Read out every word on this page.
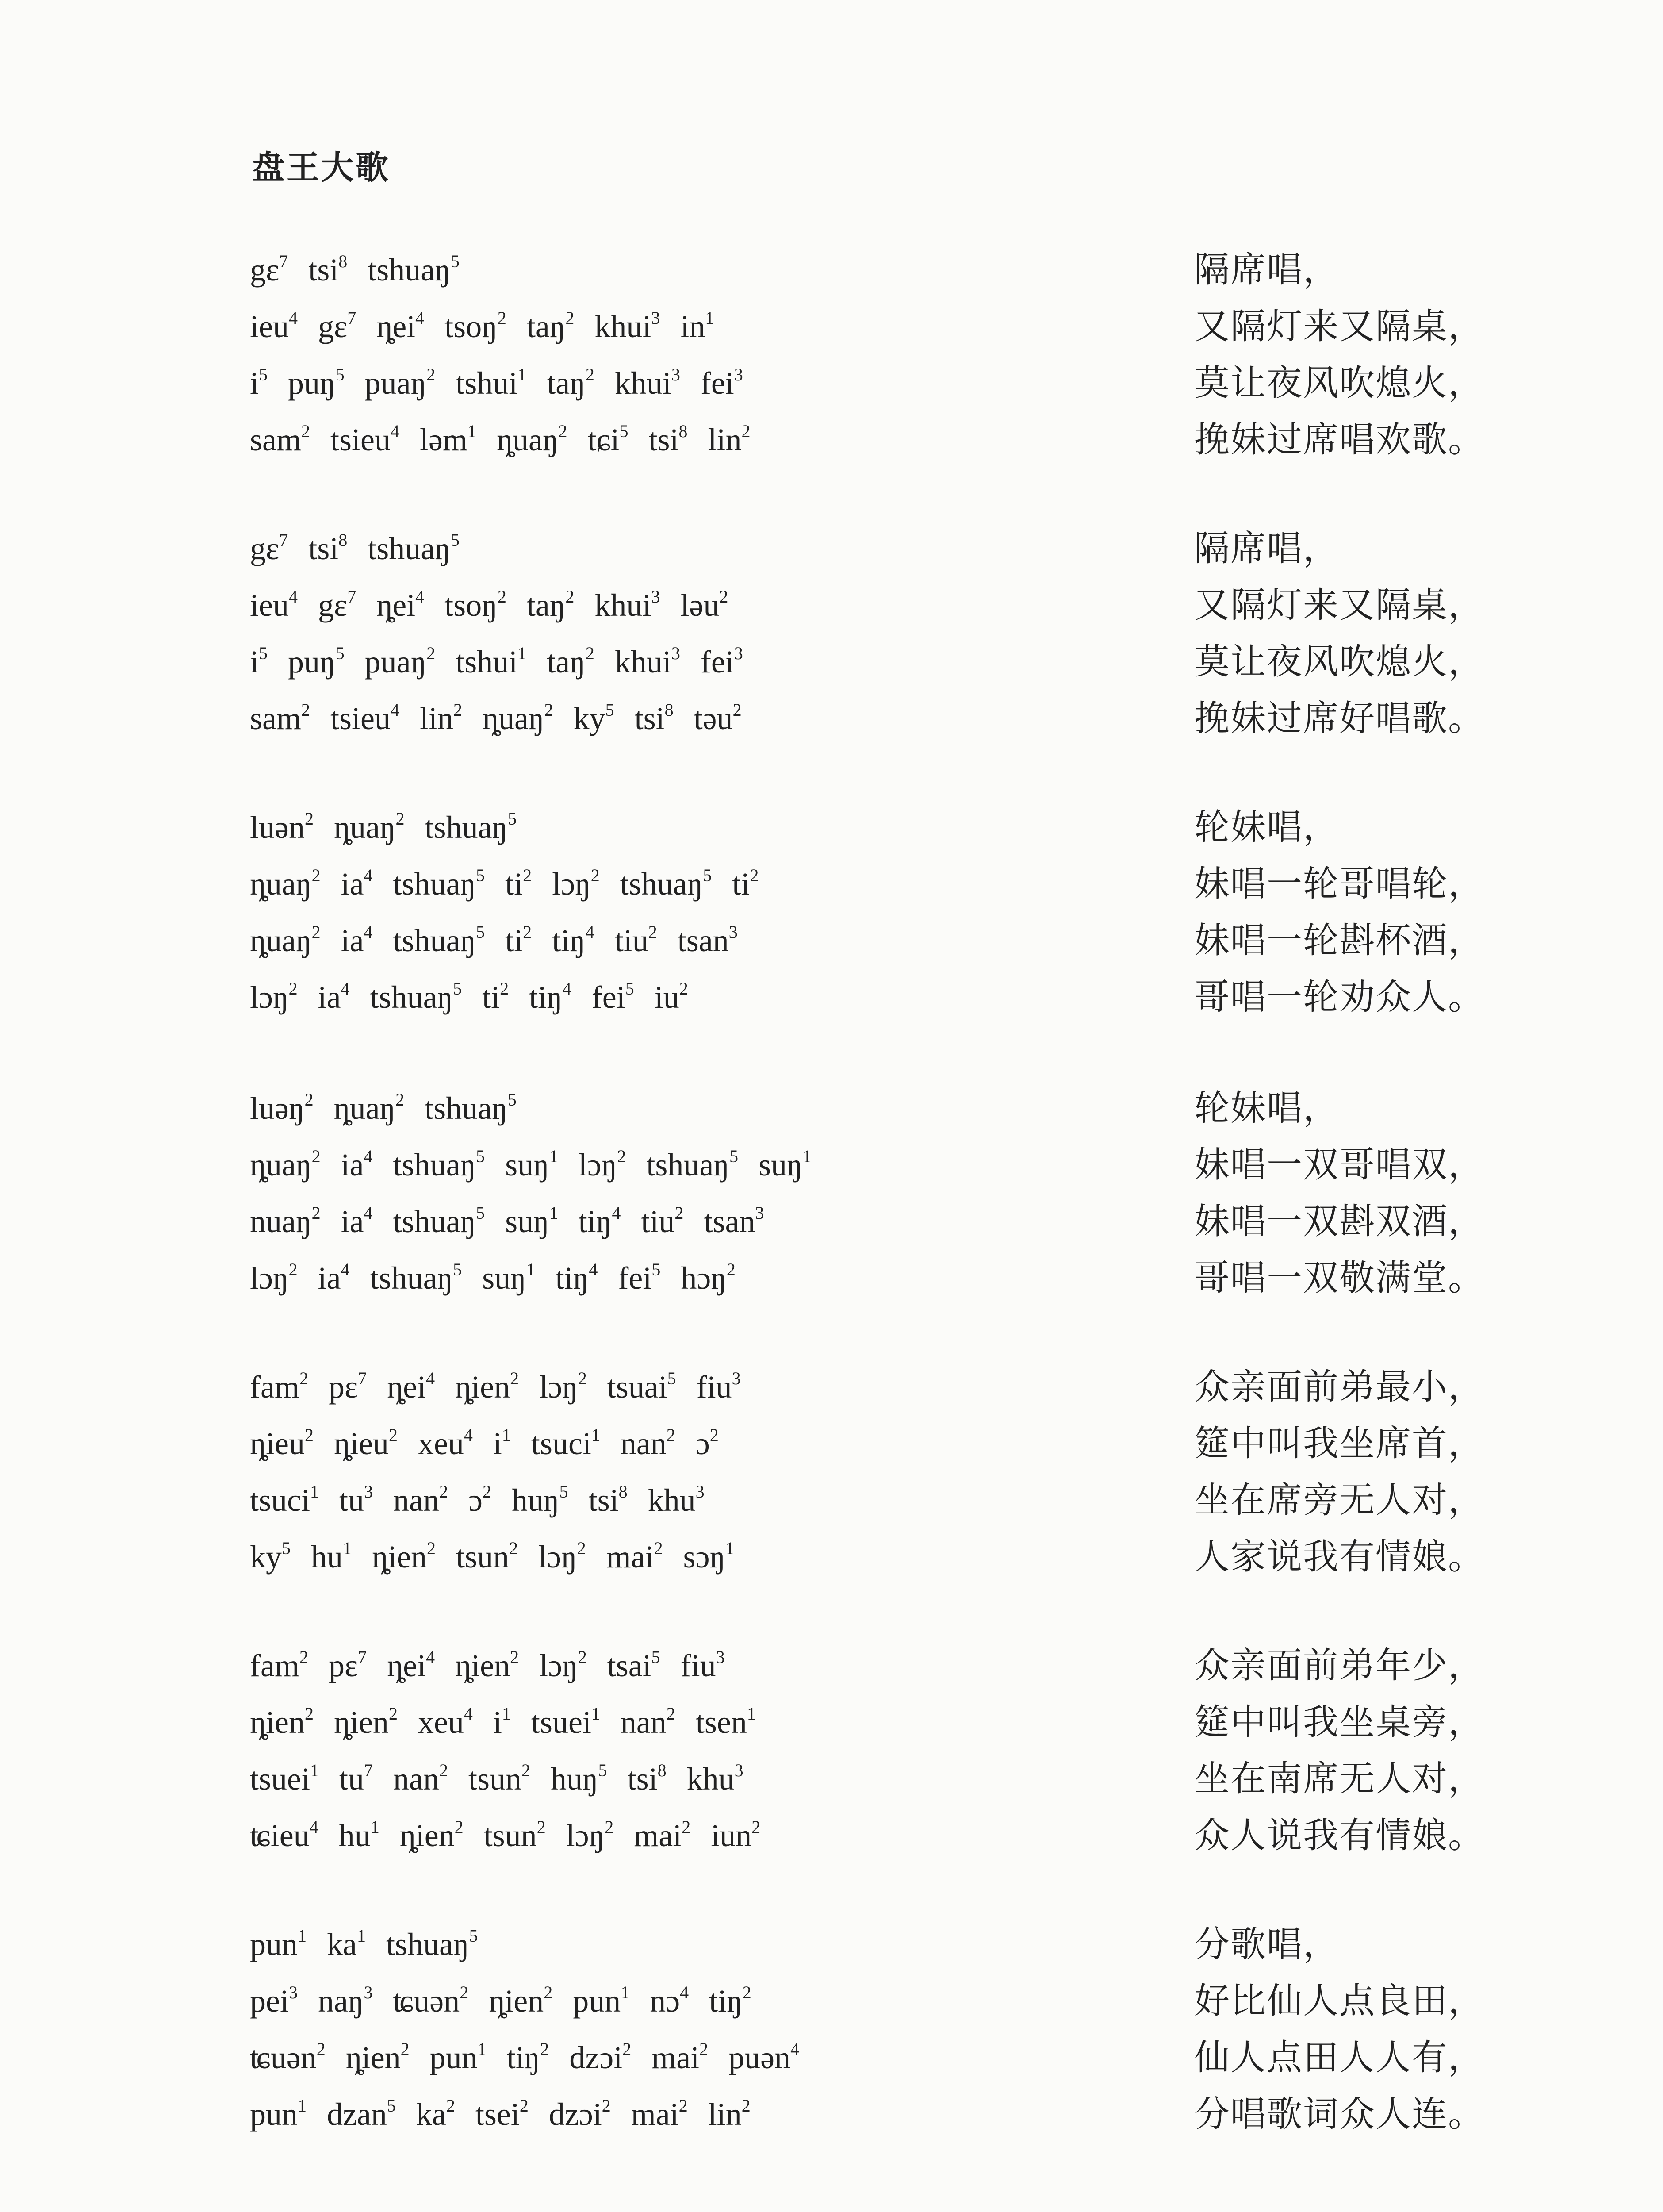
盘王大歌
gɛ$^7$ tsi$^8$ tshuaŋ$^5$	隔席唱，
ieu$^4$ gɛ$^7$ ȵei$^4$ tsoŋ$^2$ taŋ$^2$ khui$^3$ $in^1$	又隔灯来又隔桌，
$i^5$ puŋ$^5$ puaŋ$^2$ tshui$^1$ taŋ$^2$ khui$^3$ fei$^3$	莫让夜风吹熄火，
sam$^2$ tsieu$^4$ ləm$^1$ ȵuaŋ$^2$ tɕi$^5$ tsi$^8$ lin$^2$	挽妹过席唱欢歌。
gɛ$^7$ tsi$^8$ tshuaŋ$^5$	隔席唱，
ieu$^4$ gɛ$^7$ ȵei$^4$ tsoŋ$^2$ taŋ$^2$ khui$^3$ ləu$^2$	又隔灯来又隔桌，
$i^5$ puŋ$^5$ puaŋ$^2$ tshui$^1$ taŋ$^2$ khui$^3$ fei$^3$	莫让夜风吹熄火，
sam$^2$ tsieu$^4$ lin$^2$ ȵuaŋ$^2$ $ky^5$ tsi$^8$ təu$^2$	挽妹过席好唱歌。
luən$^2$ ȵuaŋ$^2$ tshuaŋ$^5$	轮妹唱，
ȵuaŋ$^2$ $ia^4$ tshuaŋ$^5$ $ti^2$ lɔŋ$^2$ tshuaŋ$^5$ $ti^2$	妹唱一轮哥唱轮，
ȵuaŋ$^2$ $ia^4$ tshuaŋ$^5$ $ti^2$ tiŋ$^4$ tiu$^2$ tsan$^3$	妹唱一轮斟杯酒，
lɔŋ$^2$ $ia^4$ tshuaŋ$^5$ $ti^2$ tiŋ$^4$ fei$^5$ $iu^2$	哥唱一轮劝众人。
luəŋ$^2$ ȵuaŋ$^2$ tshuaŋ$^5$	轮妹唱，
ȵuaŋ$^2$ $ia^4$ tshuaŋ$^5$ suŋ$^1$ lɔŋ$^2$ tshuaŋ$^5$ suŋ$^1$	妹唱一双哥唱双，
nuaŋ$^2$ $ia^4$ tshuaŋ$^5$ suŋ$^1$ tiŋ$^4$ tiu$^2$ tsan$^3$	妹唱一双斟双酒，
lɔŋ$^2$ $ia^4$ tshuaŋ$^5$ suŋ$^1$ tiŋ$^4$ fei$^5$ hɔŋ$^2$	哥唱一双敬满堂。
fam$^2$ pɛ$^7$ ȵei$^4$ ȵien$^2$ lɔŋ$^2$ tsuai$^5$ fiu$^3$	众亲面前弟最小，
ȵieu$^2$ ȵieu$^2$ xeu$^4$ $i^1$ tsuci$^1$ nan$^2$ ɔ$^2$	筵中叫我坐席首，
tsuci$^1$ $tu^3$ nan$^2$ ɔ$^2$ huŋ$^5$ tsi$^8$ khu$^3$	坐在席旁无人对，
$ky^5$ $hu^1$ ȵien$^2$ tsun$^2$ lɔŋ$^2$ mai$^2$ sɔŋ$^1$	人家说我有情娘。
fam$^2$ pɛ$^7$ ȵei$^4$ ȵien$^2$ lɔŋ$^2$ tsai$^5$ fiu$^3$	众亲面前弟年少，
ȵien$^2$ ȵien$^2$ xeu$^4$ $i^1$ tsuei$^1$ nan$^2$ tsen$^1$	筵中叫我坐桌旁，
tsuei$^1$ $tu^7$ nan$^2$ tsun$^2$ huŋ$^5$ tsi$^8$ khu$^3$	坐在南席无人对，
ʨieu$^4$ $hu^1$ ȵien$^2$ tsun$^2$ lɔŋ$^2$ mai$^2$ iun$^2$	众人说我有情娘。
pun$^1$ $ka^1$ tshuaŋ$^5$	分歌唱，
pei$^3$ naŋ$^3$ ʨuən$^2$ ȵien$^2$ pun$^1$ nɔ$^4$ tiŋ$^2$	好比仙人点良田，
ʨuən$^2$ ȵien$^2$ pun$^1$ tiŋ$^2$ dzɔi$^2$ mai$^2$ puən$^4$	仙人点田人人有，
pun$^1$ dzan$^5$ $ka^2$ tsei$^2$ dzɔi$^2$ mai$^2$ lin$^2$	分唱歌词众人连。
